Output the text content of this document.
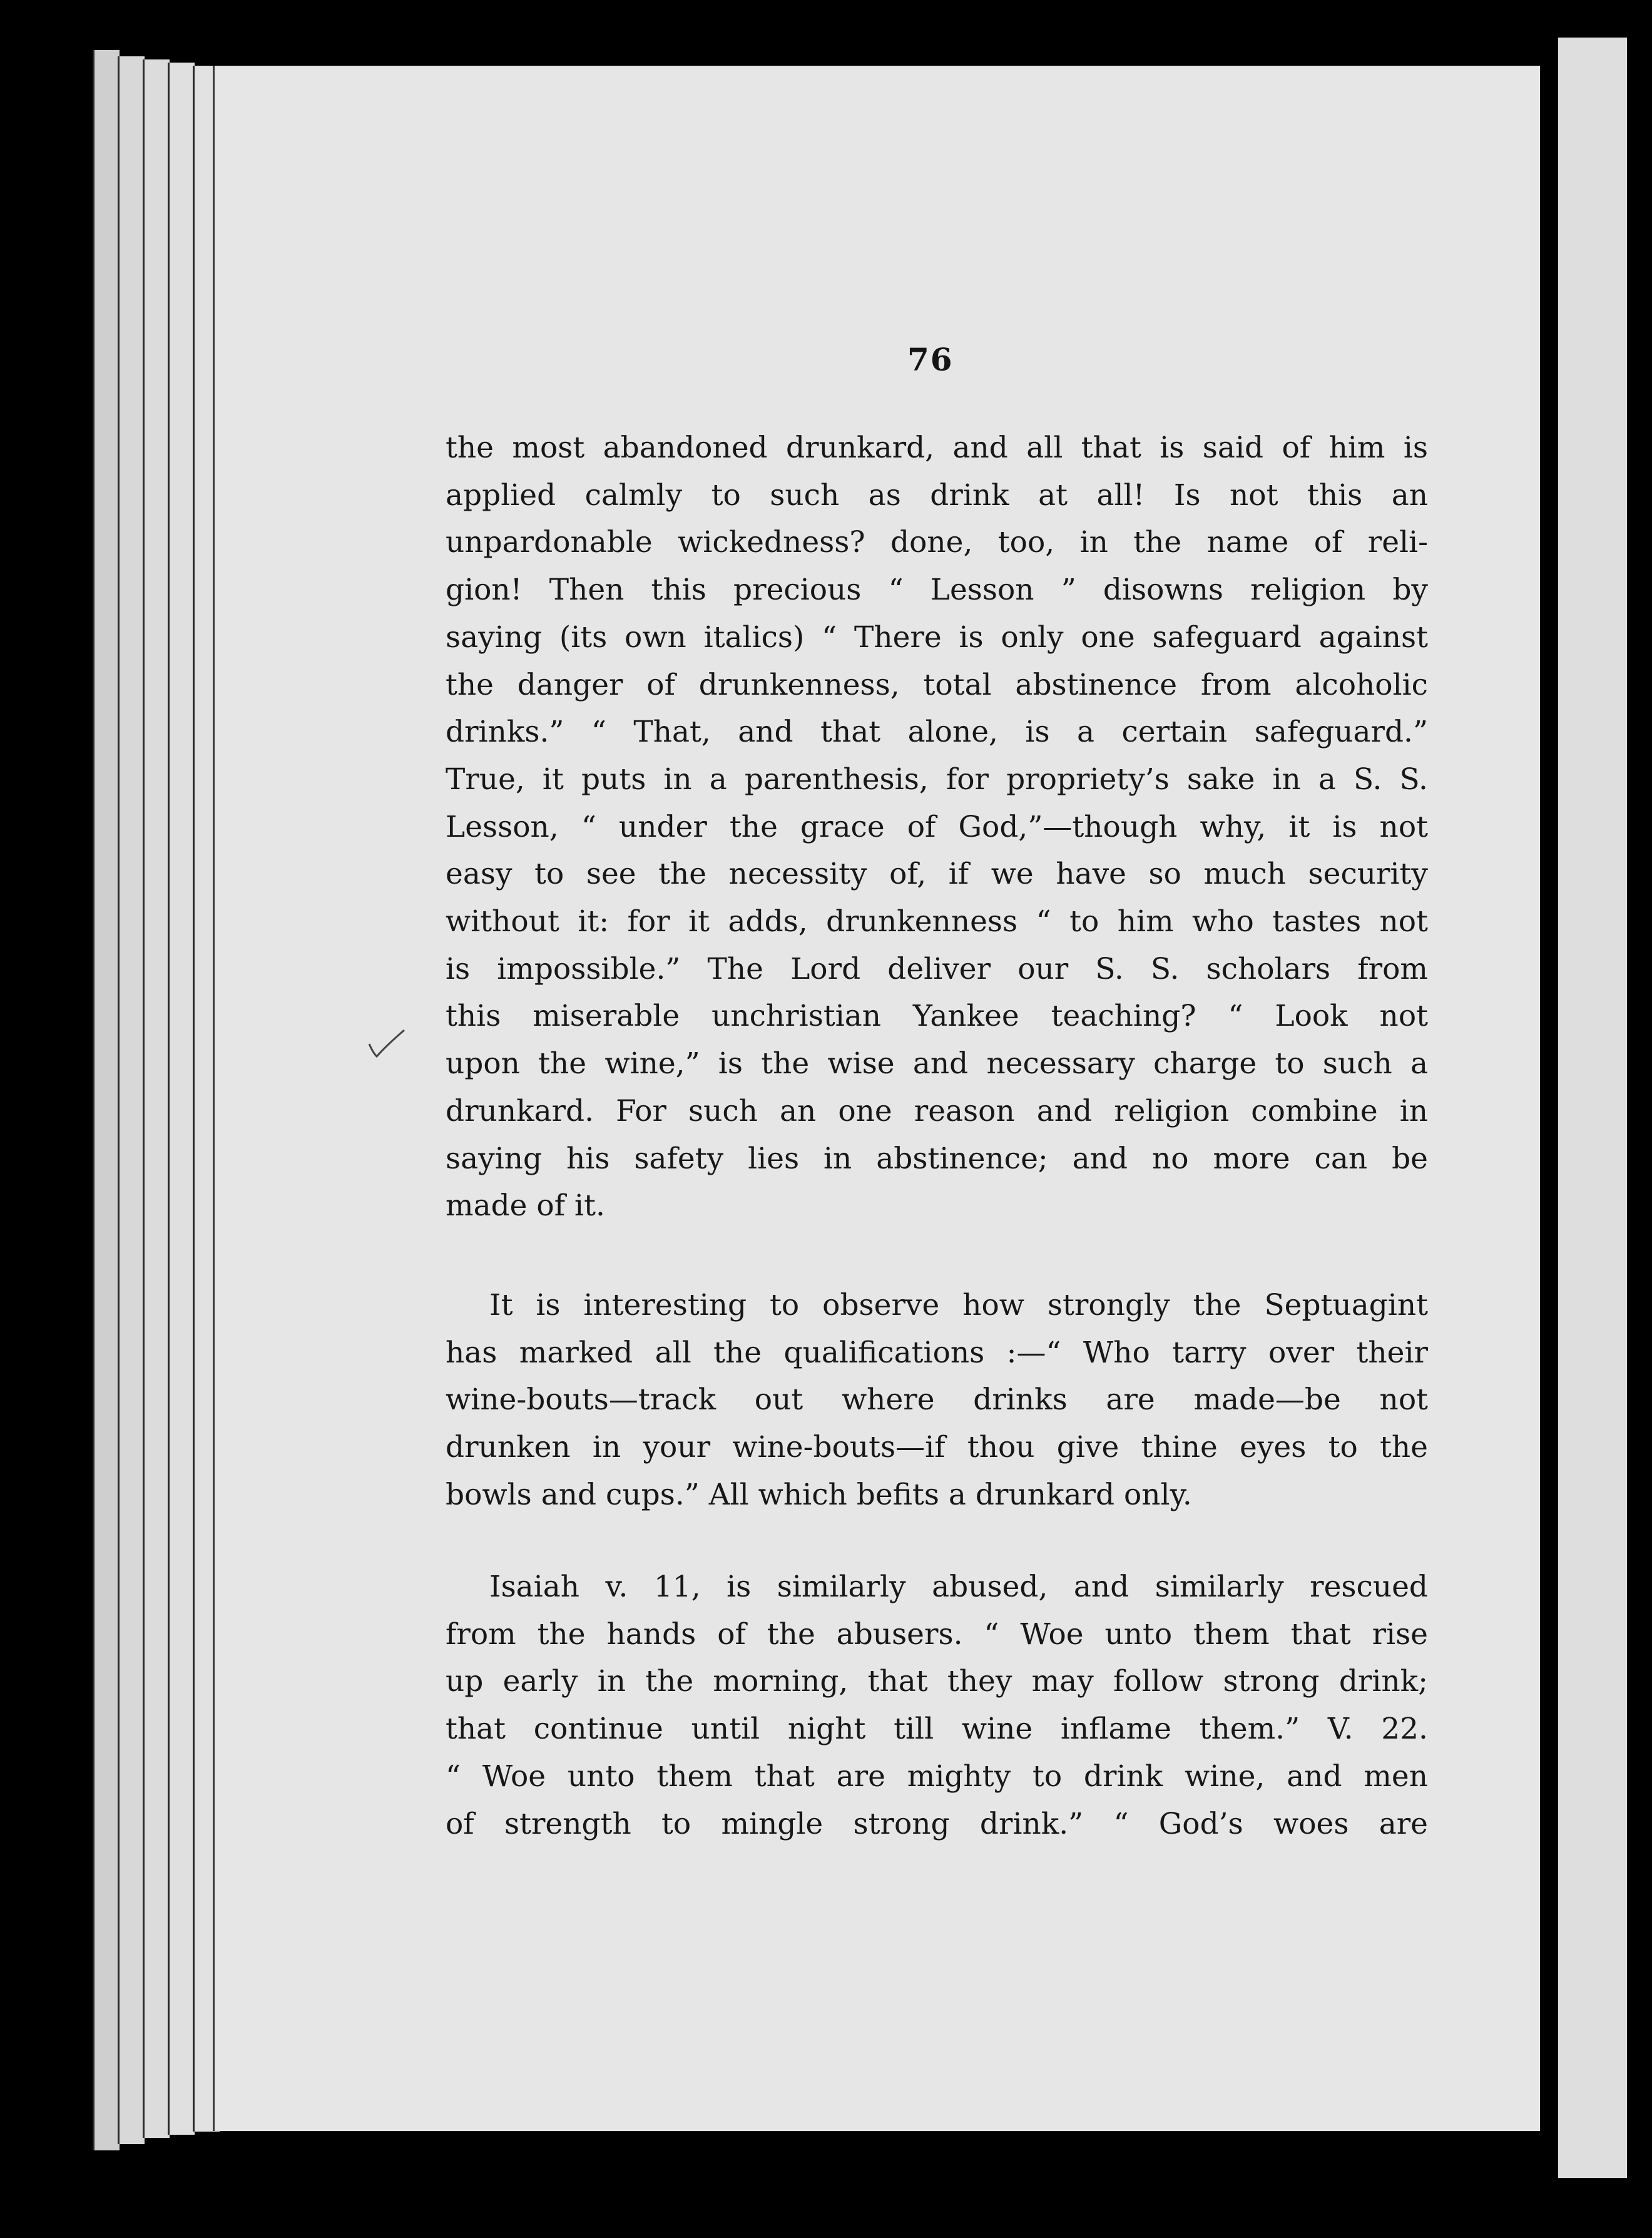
76
the most abandoned drunkard, and all that is said of him is
applied calmly to such as drink at all! Is not this an
unpardonable wickedness? done, too, in the name of reli-
gion! Then this precious “ Lesson ” disowns religion by
saying (its own italics) “ There is only one safeguard against
the danger of drunkenness, total abstinence from alcoholic
drinks.” “ That, and that alone, is a certain safeguard.”
True, it puts in a parenthesis, for propriety’s sake in a S. S.
Lesson, “ under the grace of God,”—though why, it is not
easy to see the necessity of, if we have so much security
without it: for it adds, drunkenness “ to him who tastes not
is impossible.” The Lord deliver our S. S. scholars from
this miserable unchristian Yankee teaching? “ Look not
upon the wine,” is the wise and necessary charge to such a
drunkard. For such an one reason and religion combine in
saying his safety lies in abstinence; and no more can be
made of it.
It is interesting to observe how strongly the Septuagint
has marked all the qualifications :—“ Who tarry over their
wine-bouts—track out where drinks are made—be not
drunken in your wine-bouts—if thou give thine eyes to the
bowls and cups.” All which befits a drunkard only.
Isaiah v. 11, is similarly abused, and similarly rescued
from the hands of the abusers. “ Woe unto them that rise
up early in the morning, that they may follow strong drink;
that continue until night till wine inflame them.” V. 22.
“ Woe unto them that are mighty to drink wine, and men
of strength to mingle strong drink.” “ God’s woes are
